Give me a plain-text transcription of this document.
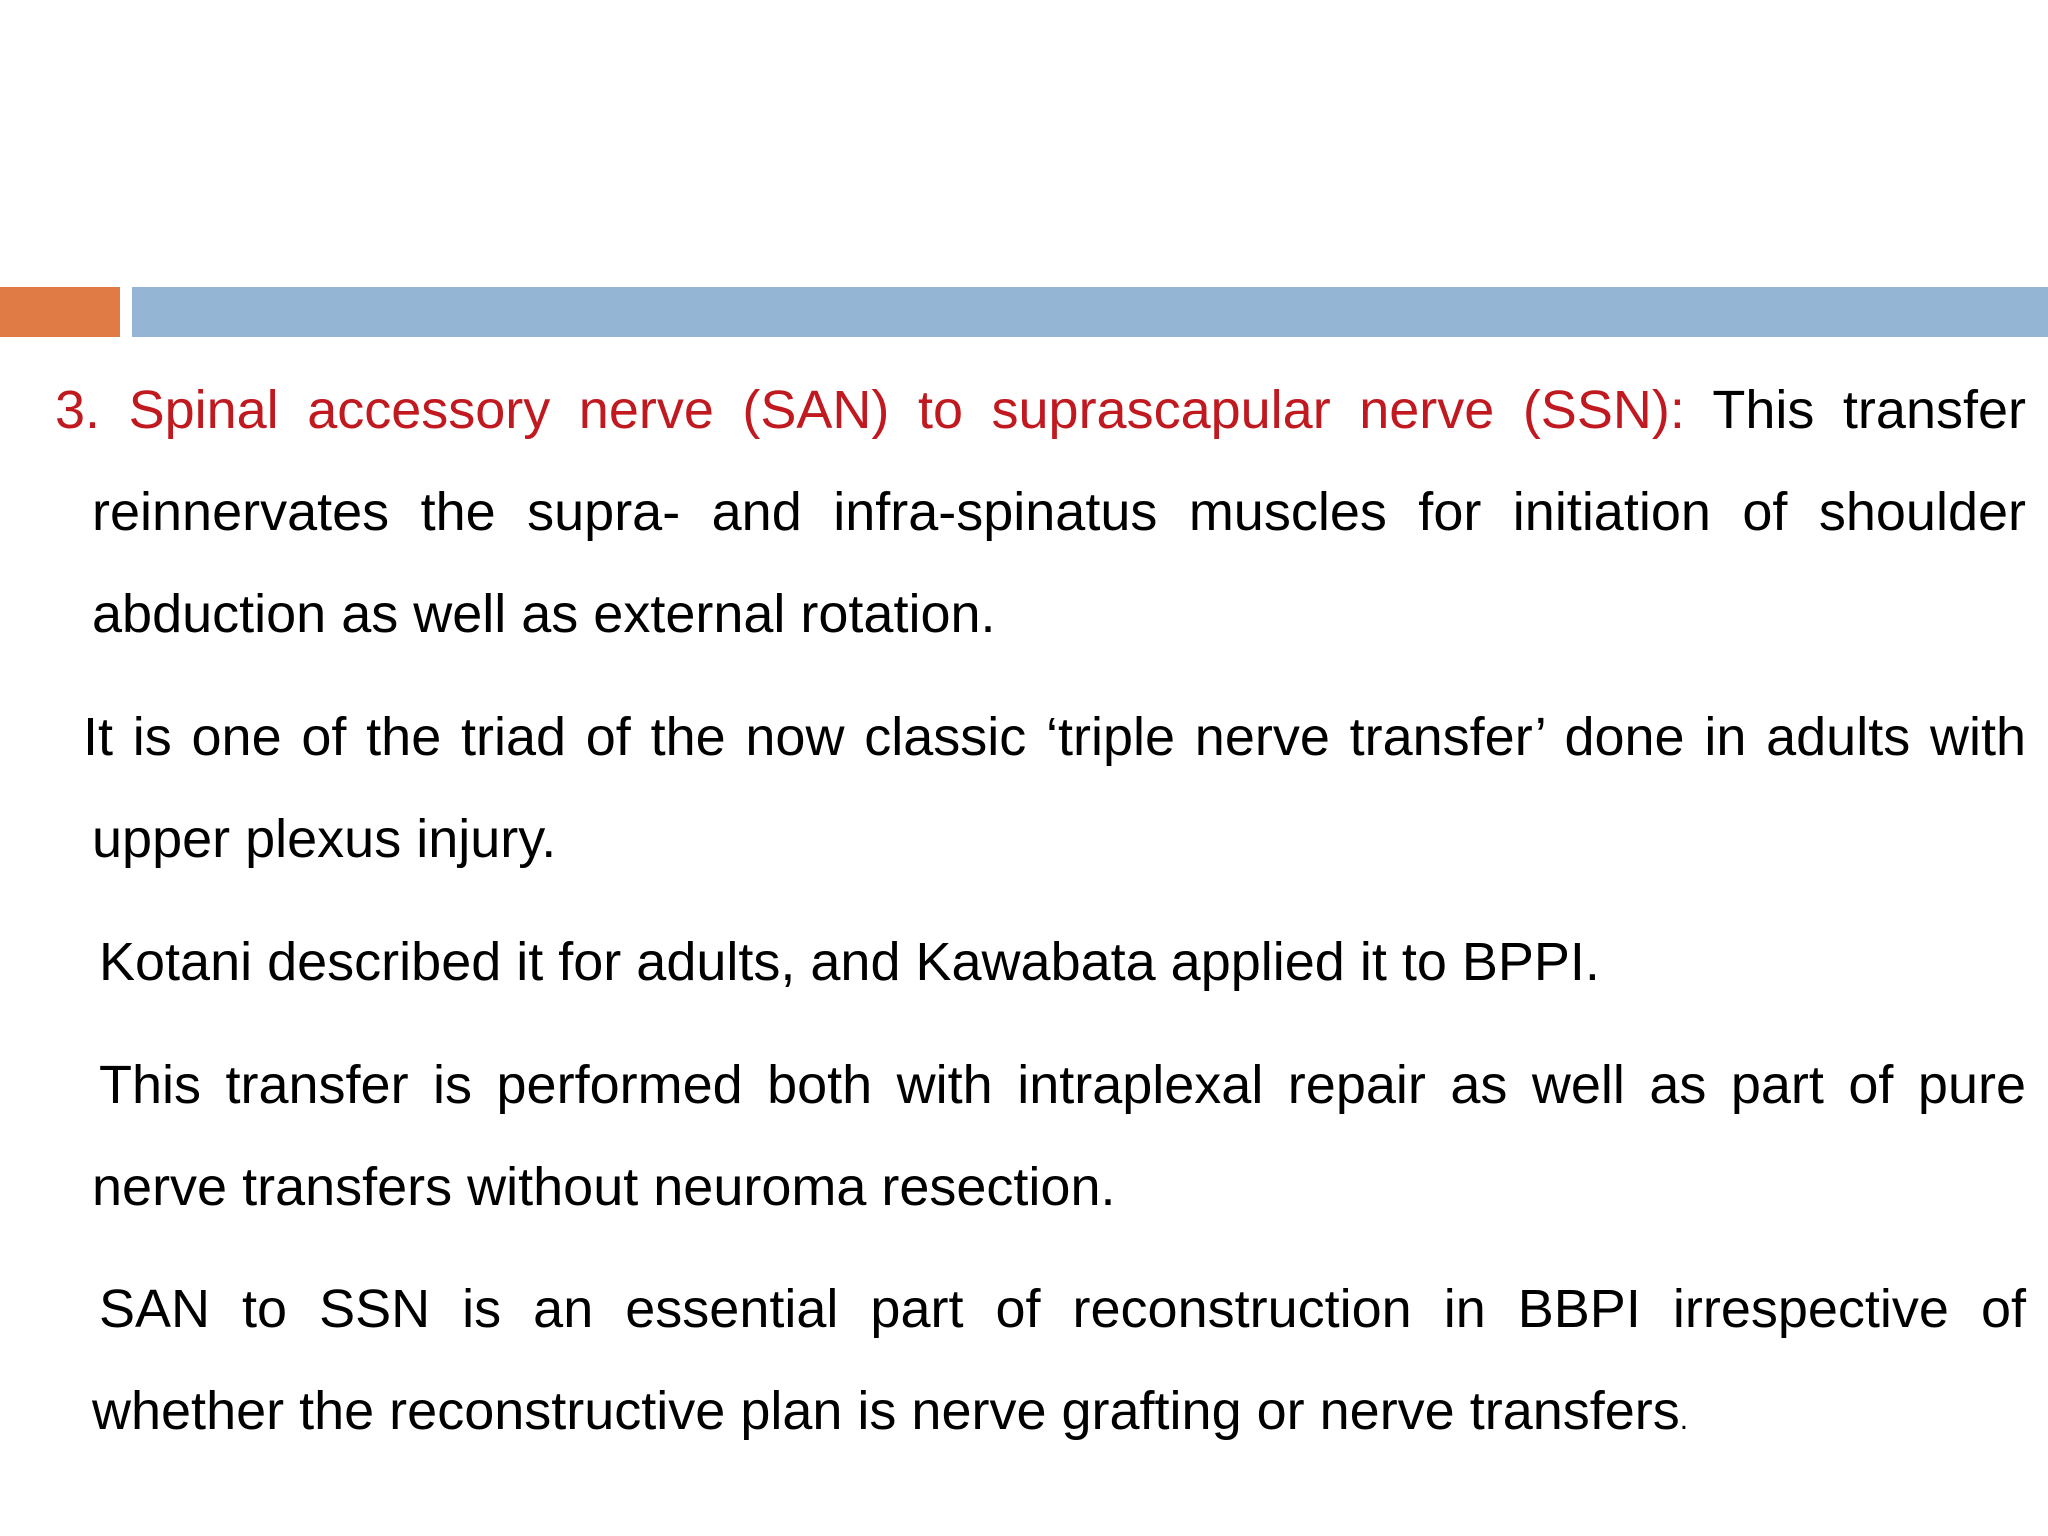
3. Spinal accessory nerve (SAN) to suprascapular nerve (SSN): This transfer reinnervates the supra- and infra-spinatus muscles for initiation of shoulder abduction as well as external rotation.

It is one of the triad of the now classic ‘triple nerve transfer’ done in adults with upper plexus injury.

Kotani described it for adults, and Kawabata applied it to BPPI.

This transfer is performed both with intraplexal repair as well as part of pure nerve transfers without neuroma resection.

SAN to SSN is an essential part of reconstruction in BBPI irrespective of whether the reconstructive plan is nerve grafting or nerve transfers.
